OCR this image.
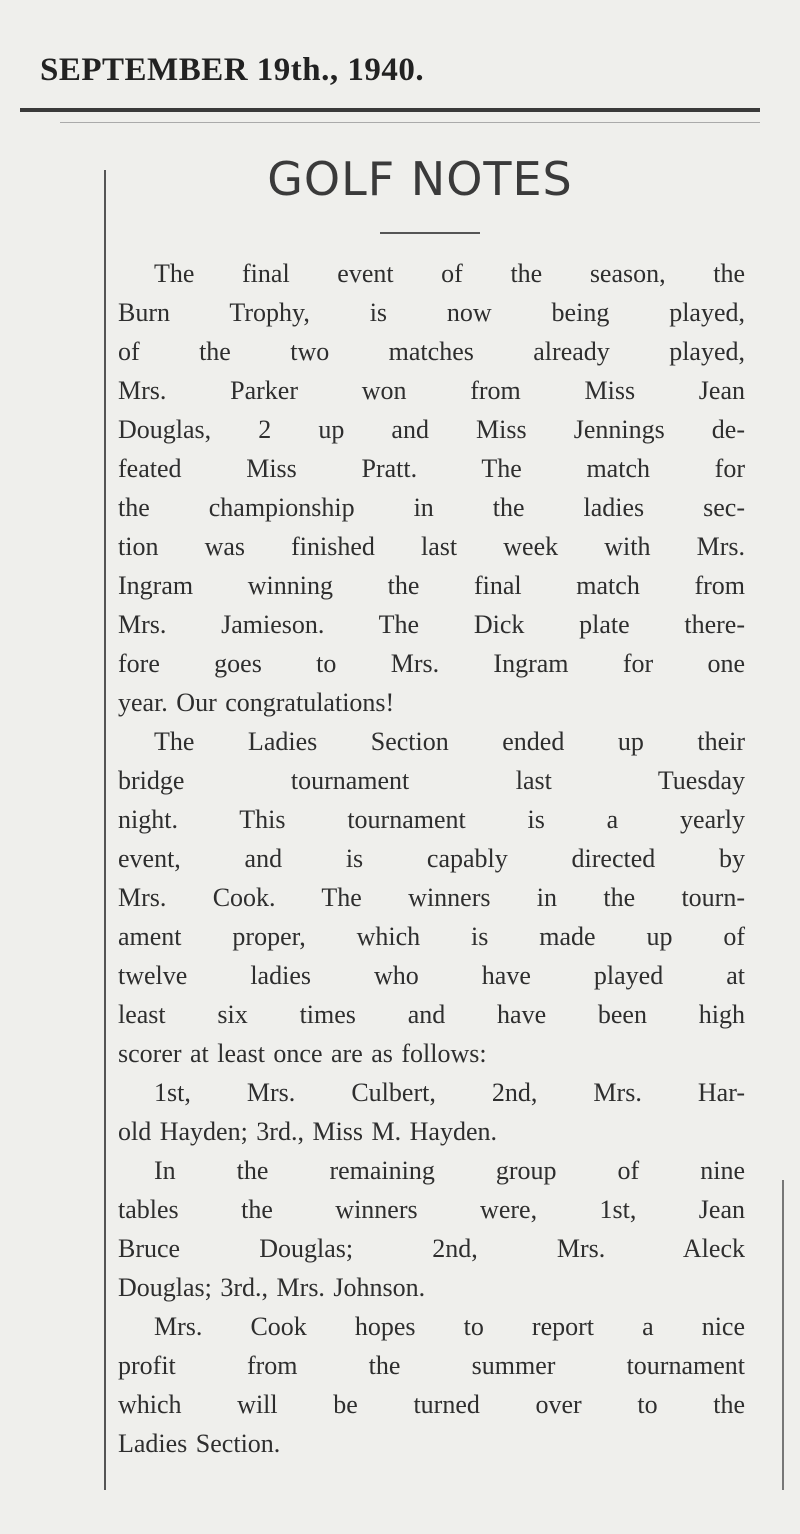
SEPTEMBER 19th., 1940.
GOLF NOTES
The final event of the season, the
Burn Trophy, is now being played,
of the two matches already played,
Mrs. Parker won from Miss Jean
Douglas, 2 up and Miss Jennings de-
feated Miss Pratt. The match for
the championship in the ladies sec-
tion was finished last week with Mrs.
Ingram winning the final match from
Mrs. Jamieson. The Dick plate there-
fore goes to Mrs. Ingram for one
year. Our congratulations!
The Ladies Section ended up their
bridge tournament last Tuesday
night. This tournament is a yearly
event, and is capably directed by
Mrs. Cook. The winners in the tourn-
ament proper, which is made up of
twelve ladies who have played at
least six times and have been high
scorer at least once are as follows:
1st, Mrs. Culbert, 2nd, Mrs. Har-
old Hayden; 3rd., Miss M. Hayden.
In the remaining group of nine
tables the winners were, 1st, Jean
Bruce Douglas; 2nd, Mrs. Aleck
Douglas; 3rd., Mrs. Johnson.
Mrs. Cook hopes to report a nice
profit from the summer tournament
which will be turned over to the
Ladies Section.
